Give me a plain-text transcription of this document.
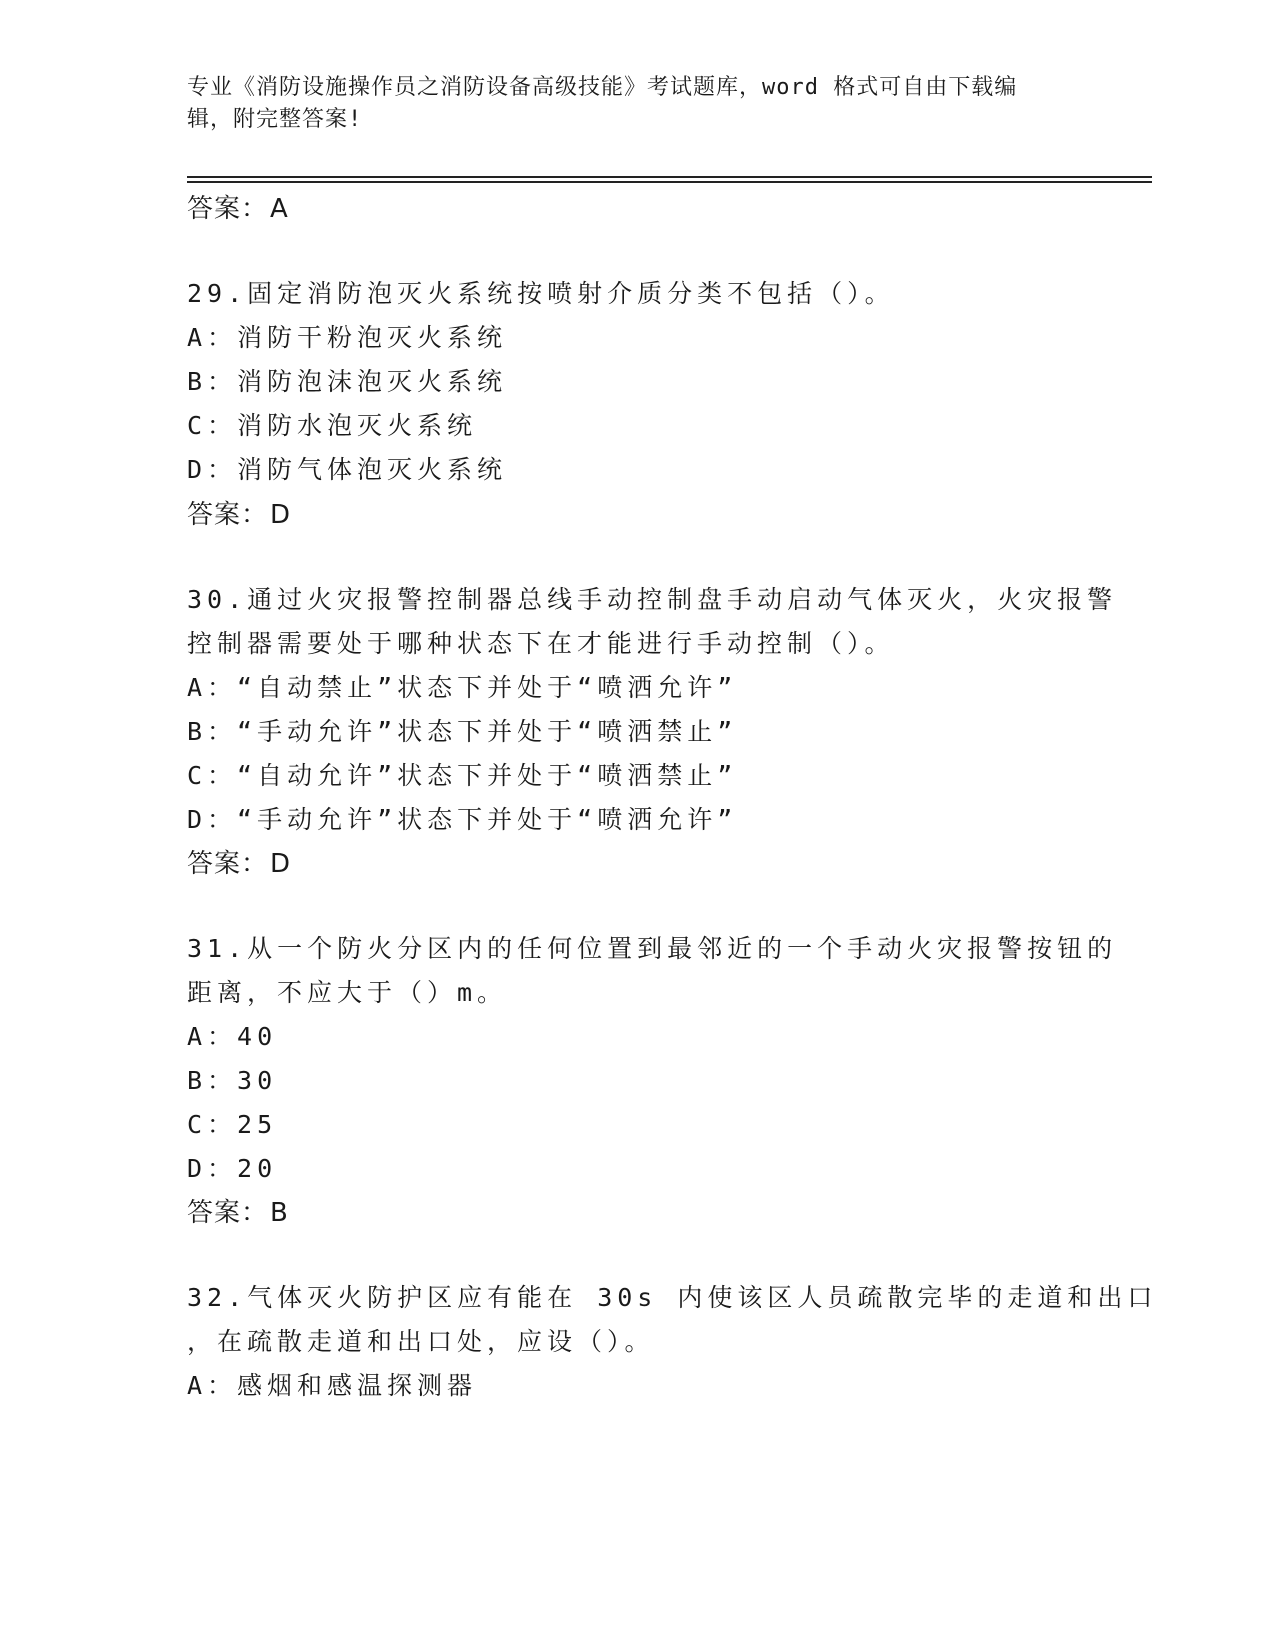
专业《消防设施操作员之消防设备高级技能》考试题库，word 格式可自由下载编
辑，附完整答案!
答案：A
29.固定消防泡灭火系统按喷射介质分类不包括（）。
A：消防干粉泡灭火系统
B：消防泡沫泡灭火系统
C：消防水泡灭火系统
D：消防气体泡灭火系统
答案：D
30.通过火灾报警控制器总线手动控制盘手动启动气体灭火，火灾报警
控制器需要处于哪种状态下在才能进行手动控制（）。
A：“自动禁止”状态下并处于“喷洒允许”
B：“手动允许”状态下并处于“喷洒禁止”
C：“自动允许”状态下并处于“喷洒禁止”
D：“手动允许”状态下并处于“喷洒允许”
答案：D
31.从一个防火分区内的任何位置到最邻近的一个手动火灾报警按钮的
距离，不应大于（）m。
A：40
B：30
C：25
D：20
答案：B
32.气体灭火防护区应有能在 30s 内使该区人员疏散完毕的走道和出口
，在疏散走道和出口处，应设（）。
A：感烟和感温探测器
